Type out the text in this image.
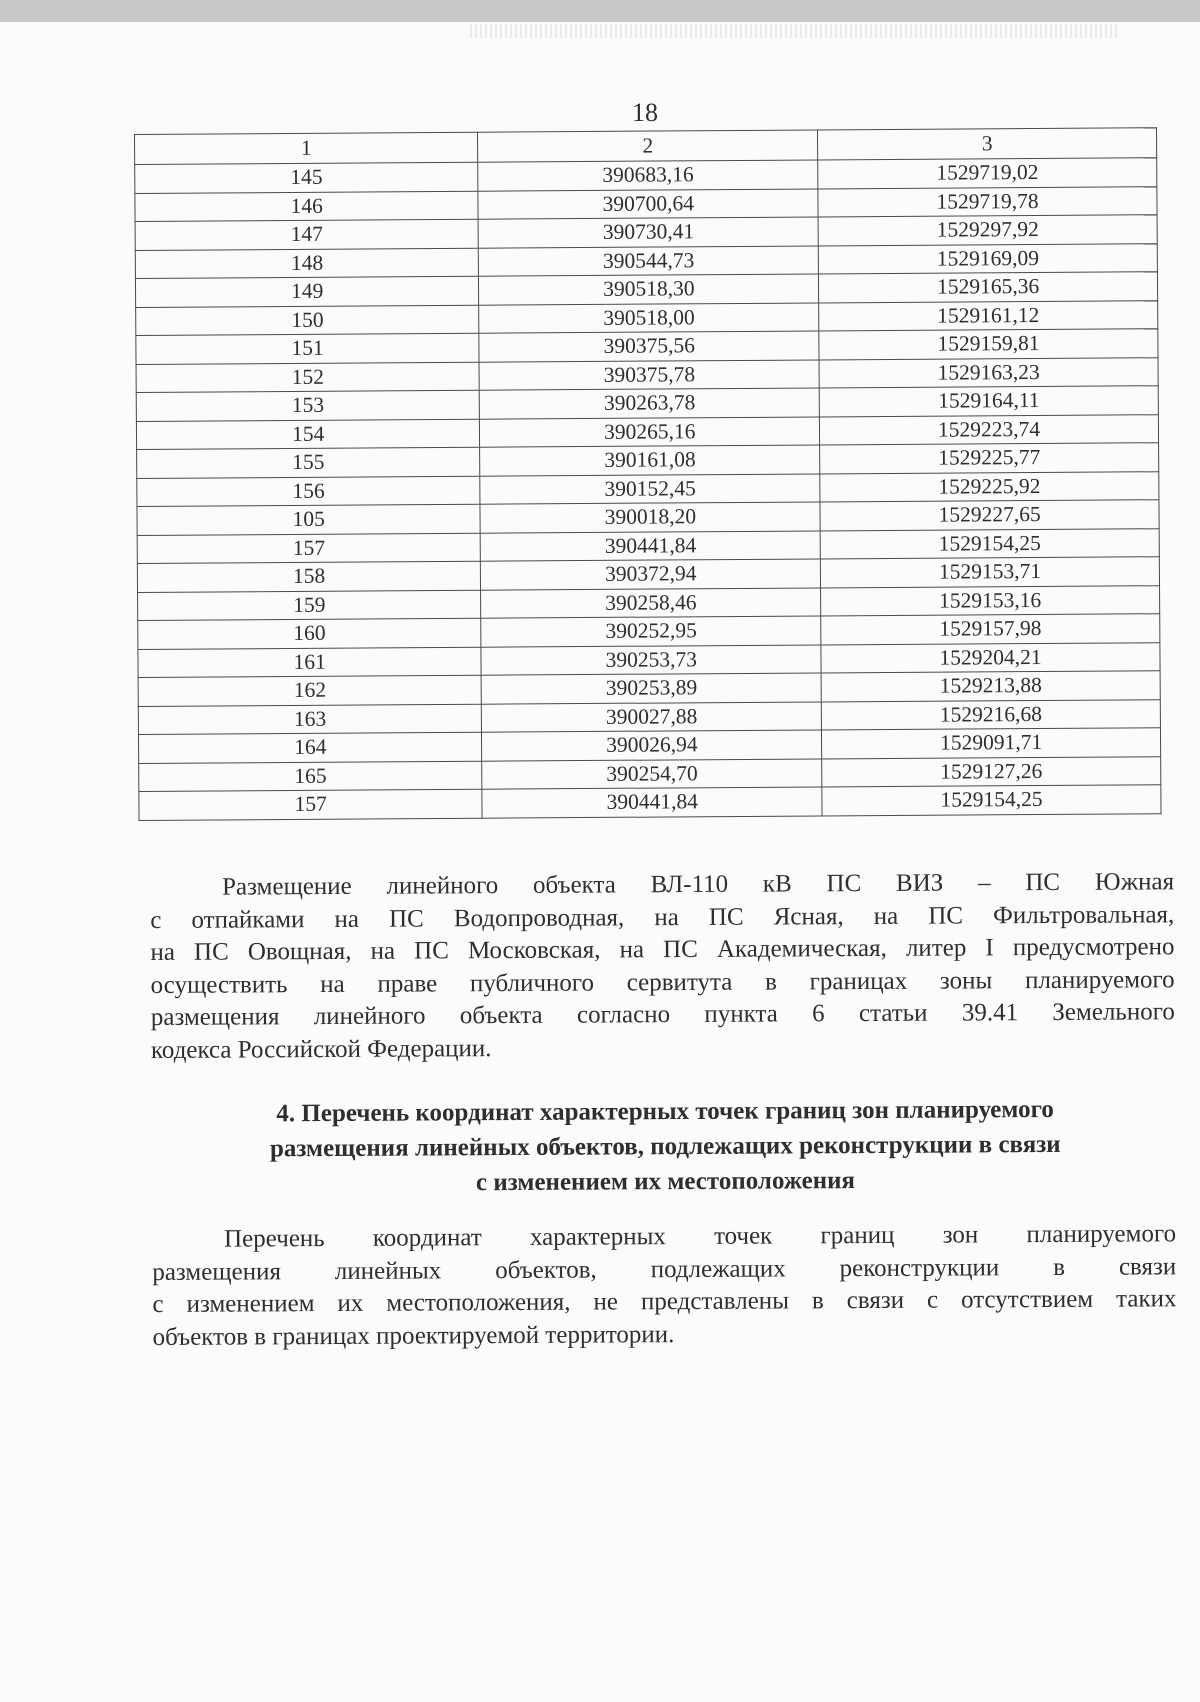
18
1	2	3
145	390683,16	1529719,02
146	390700,64	1529719,78
147	390730,41	1529297,92
148	390544,73	1529169,09
149	390518,30	1529165,36
150	390518,00	1529161,12
151	390375,56	1529159,81
152	390375,78	1529163,23
153	390263,78	1529164,11
154	390265,16	1529223,74
155	390161,08	1529225,77
156	390152,45	1529225,92
105	390018,20	1529227,65
157	390441,84	1529154,25
158	390372,94	1529153,71
159	390258,46	1529153,16
160	390252,95	1529157,98
161	390253,73	1529204,21
162	390253,89	1529213,88
163	390027,88	1529216,68
164	390026,94	1529091,71
165	390254,70	1529127,26
157	390441,84	1529154,25
Размещение линейного объекта ВЛ-110 кВ ПС ВИЗ – ПС Южная
с отпайками на ПС Водопроводная, на ПС Ясная, на ПС Фильтровальная,
на ПС Овощная, на ПС Московская, на ПС Академическая, литер I предусмотрено
осуществить на праве публичного сервитута в границах зоны планируемого
размещения линейного объекта согласно пункта 6 статьи 39.41 Земельного
кодекса Российской Федерации.
4. Перечень координат характерных точек границ зон планируемого
размещения линейных объектов, подлежащих реконструкции в связи
с изменением их местоположения
Перечень координат характерных точек границ зон планируемого
размещения линейных объектов, подлежащих реконструкции в связи
с изменением их местоположения, не представлены в связи с отсутствием таких
объектов в границах проектируемой территории.
